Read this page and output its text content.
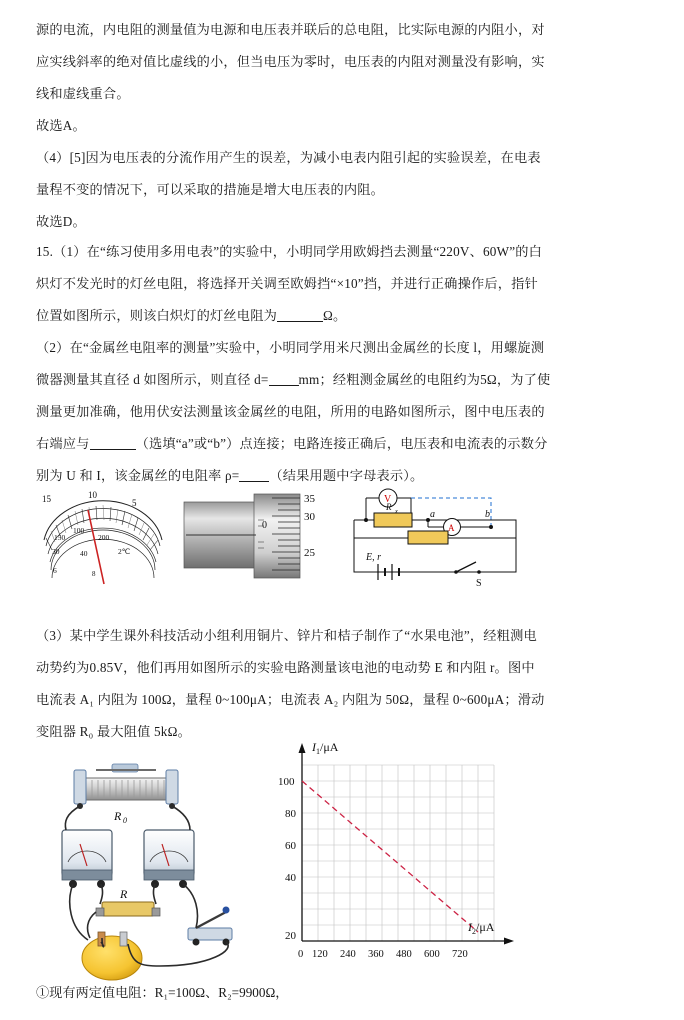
源的电流，内电阻的测量值为电源和电压表并联后的总电阻，比实际电源的内阻小，对

应实线斜率的绝对值比虚线的小，但当电压为零时，电压表的内阻对测量没有影响，实

线和虚线重合。

故选A。

（4）[5]因为电压表的分流作用产生的误差，为减小电表内阻引起的实验误差，在电表

量程不变的情况下，可以采取的措施是增大电压表的内阻。

故选D。

15.（1）在“练习使用多用电表”的实验中，小明同学用欧姆挡去测量“220V、60W”的白

炽灯不发光时的灯丝电阻，将选择开关调至欧姆挡“×10”挡，并进行正确操作后，指针

位置如图所示，则该白炽灯的灯丝电阻为	Ω。

（2）在“金属丝电阻率的测量”实验中，小明同学用米尺测出金属丝的长度 l，用螺旋测

微器测量其直径 d 如图所示，则直径 d= mm；经粗测金属丝的电阻约为5Ω，为了使

测量更加准确，他用伏安法测量该金属丝的电阻，所用的电路如图所示，图中电压表的

右端应与	（选填“a”或“b”）点连接；电路连接正确后，电压表和电流表的示数分

别为 U 和 I，该金属丝的电阻率 ρ= （结果用题中字母表示）。

15	10
5
150
100
200
30	40	2℃
6	8
0
35
30
25
V
R x
A
a	b
E, r
S

（3）某中学生课外科技活动小组利用铜片、锌片和桔子制作了“水果电池”，经粗测电

动势约为0.85V，他们再用如图所示的实验电路测量该电池的电动势 E 和内阻 r。图中

电流表 A₁ 内阻为 100Ω，量程 0~100μA；电流表 A₂ 内阻为 50Ω，量程 0~600μA；滑动

变阻器 R₀ 最大阻值 5kΩ。

R 0
R
100
80
60
40
20
0 120 240 360 480 600 720
$I_1/\mu A$
$I_2/\mu A$
①现有两定值电阻：R₁=100Ω、R₂=9900Ω，
